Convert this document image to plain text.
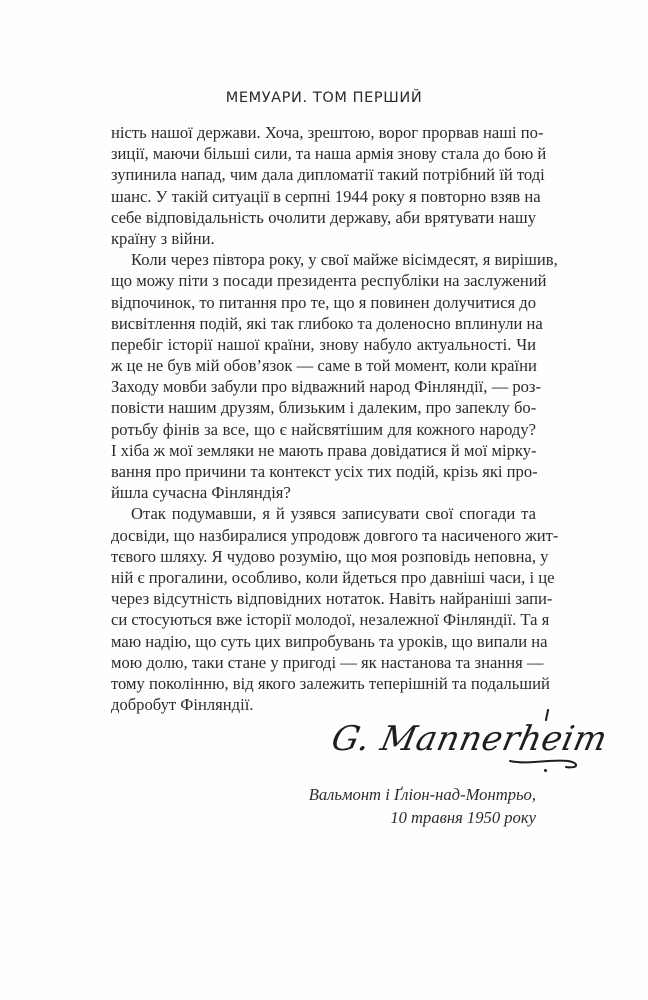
МЕМУАРИ. ТОМ ПЕРШИЙ
ність нашої держави. Хоча, зрештою, ворог прорвав наші по-
зиції, маючи більші сили, та наша армія знову стала до бою й
зупинила напад, чим дала дипломатії такий потрібний їй тоді
шанс. У такій ситуації в серпні 1944 року я повторно взяв на
себе відповідальність очолити державу, аби врятувати нашу
країну з війни.
Коли через півтора року, у свої майже вісімдесят, я вирішив,
що можу піти з посади президента республіки на заслужений
відпочинок, то питання про те, що я повинен долучитися до
висвітлення подій, які так глибоко та доленосно вплинули на
перебіг історії нашої країни, знову набуло актуальності. Чи
ж це не був мій обов’язок — саме в той момент, коли країни
Заходу мовби забули про відважний народ Фінляндії, — роз-
повісти нашим друзям, близьким і далеким, про запеклу бо-
ротьбу фінів за все, що є найсвятішим для кожного народу?
І хіба ж мої земляки не мають права довідатися й мої мірку-
вання про причини та контекст усіх тих подій, крізь які про-
йшла сучасна Фінляндія?
Отак подумавши, я й узявся записувати свої спогади та
досвіди, що назбиралися упродовж довгого та насиченого жит-
тєвого шляху. Я чудово розумію, що моя розповідь неповна, у
ній є прогалини, особливо, коли йдеться про давніші часи, і це
через відсутність відповідних нотаток. Навіть найраніші запи-
си стосуються вже історії молодої, незалежної Фінляндії. Та я
маю надію, що суть цих випробувань та уроків, що випали на
мою долю, таки стане у пригоді — як настанова та знання —
тому поколінню, від якого залежить теперішній та подальший
добробут Фінляндії.
G. Mannerheim
Вальмонт і Ґліон-над-Монтрьо,
10 травня 1950 року
